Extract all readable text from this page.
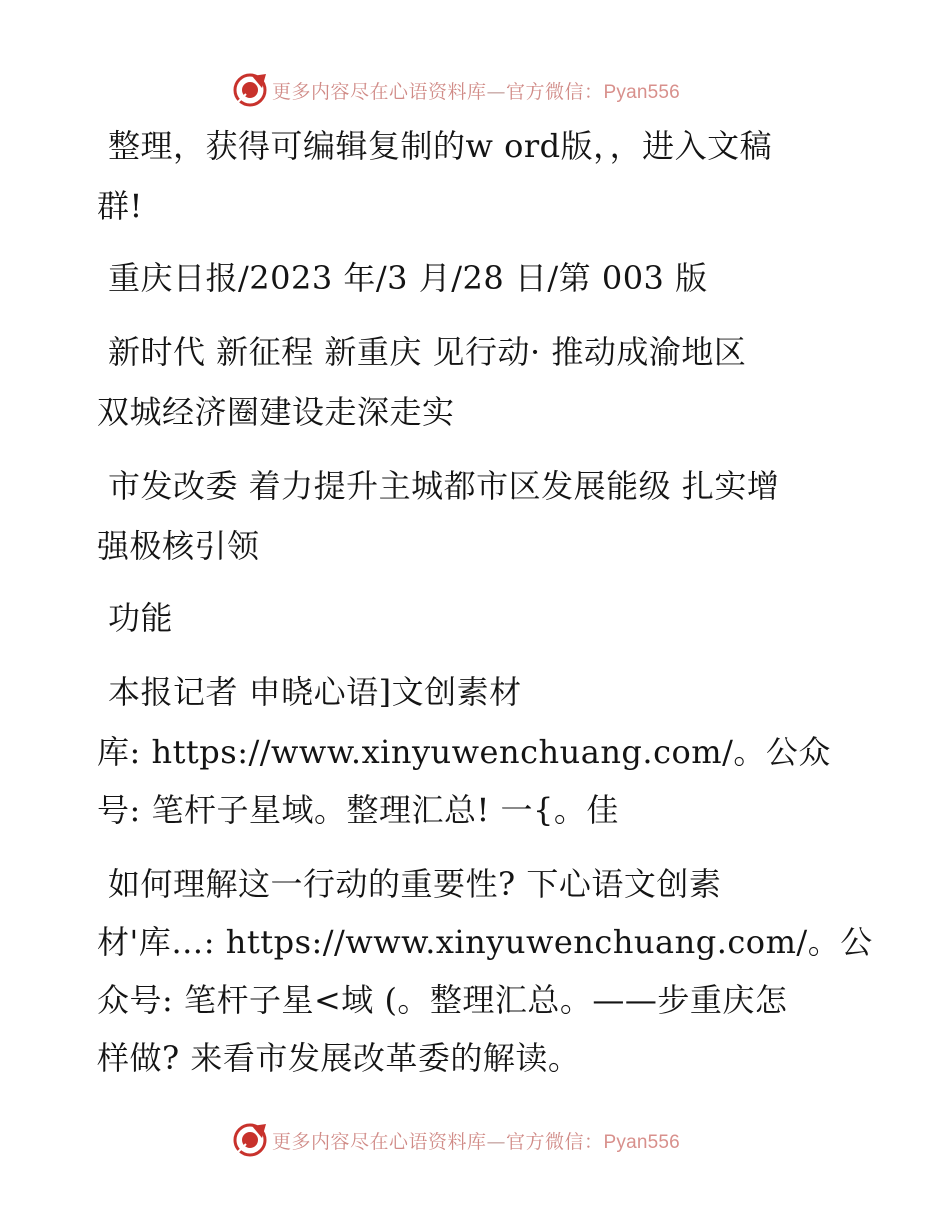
更多内容尽在心语资料库—官方微信：Pyan556
整理，获得可编辑复制的w ord版，，进入文稿
群!
重庆日报/2023 年/3 月/28 日/第 003 版
新时代 新征程 新重庆 见行动· 推动成渝地区
双城经济圈建设走深走实
市发改委 着力提升主城都市区发展能级 扎实增
强极核引领
功能
本报记者 申晓心语]文创素材
库: https://www.xinyuwenchuang.com/。公众
号: 笔杆子星域。整理汇总! 一{。佳
如何理解这一行动的重要性? 下心语文创素
材'库…: https://www.xinyuwenchuang.com/。公
众号: 笔杆子星<域 (。整理汇总。——步重庆怎
样做? 来看市发展改革委的解读。
更多内容尽在心语资料库—官方微信：Pyan556
